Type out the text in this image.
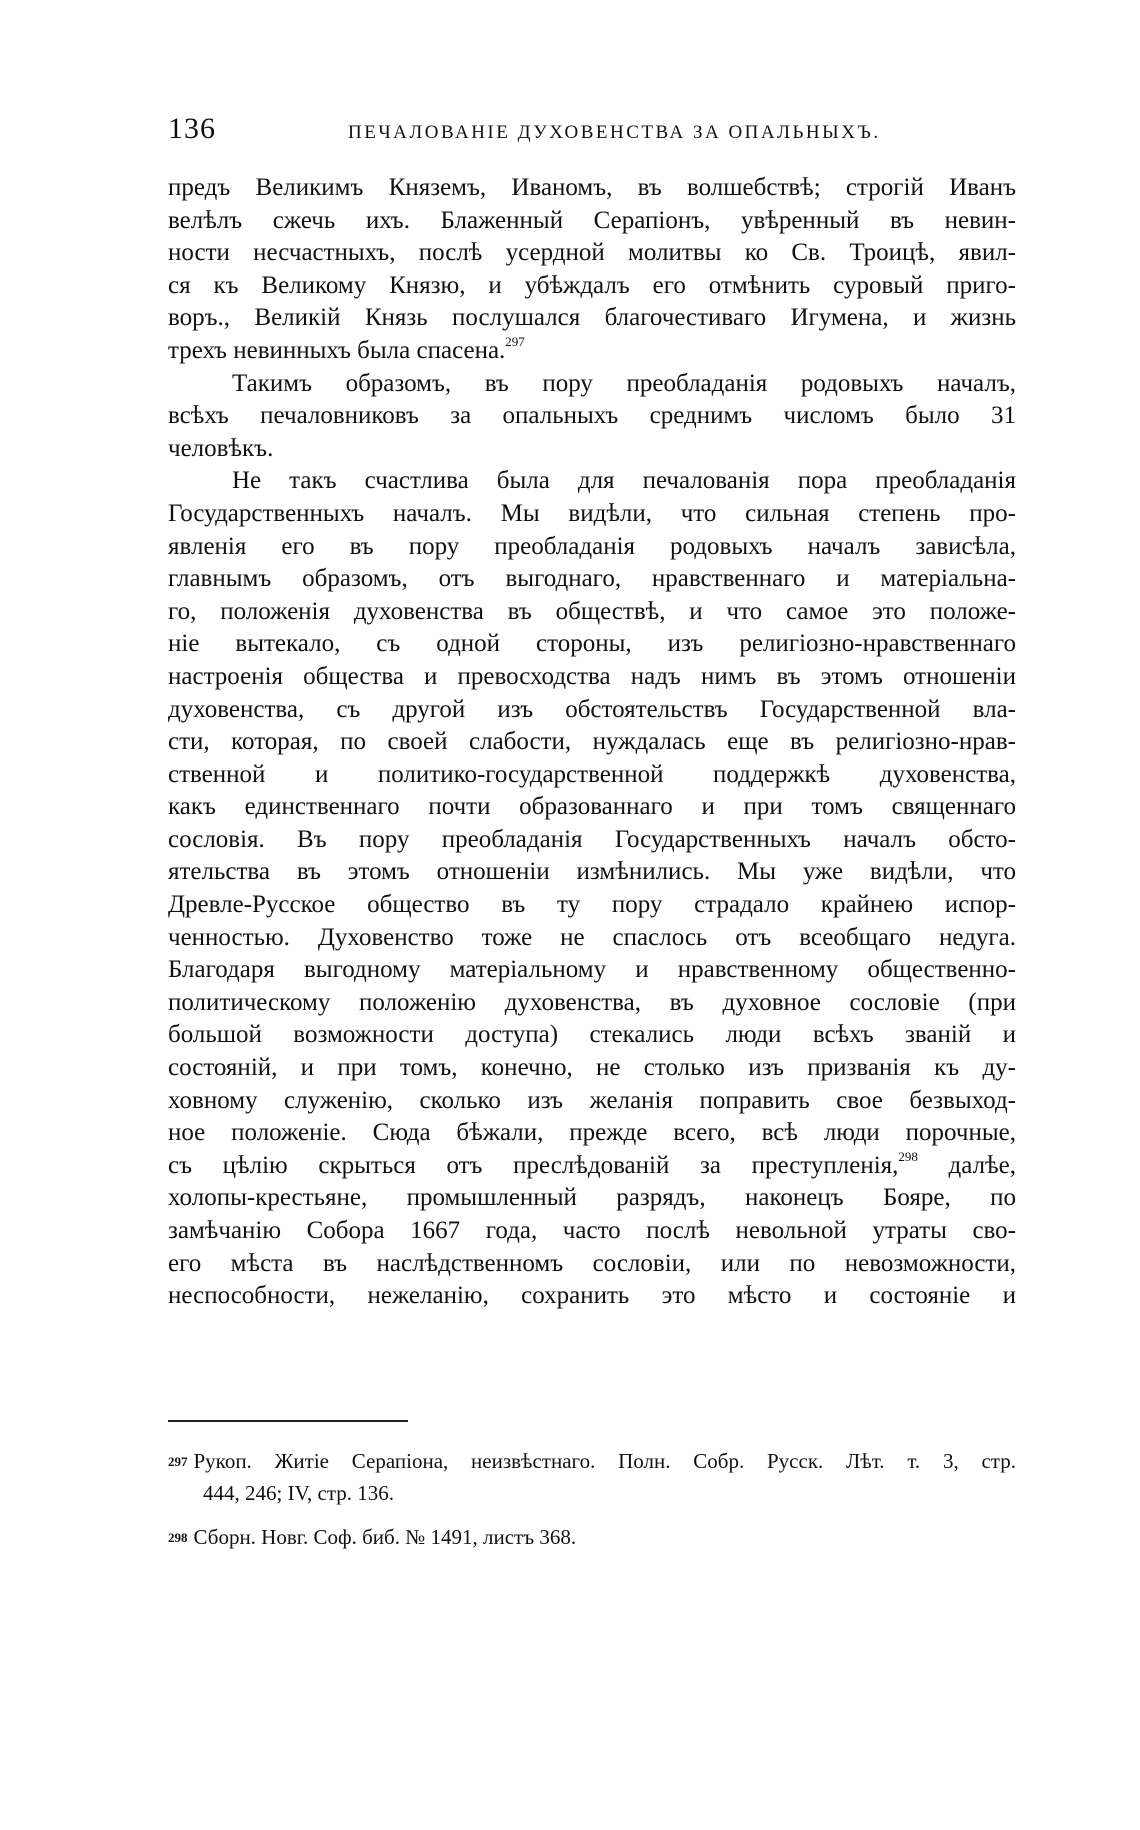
136	ПЕЧАЛОВАНІЕ ДУХОВЕНСТВА ЗА ОПАЛЬНЫХЪ.
предъ Великимъ Княземъ, Иваномъ, въ волшебствѣ; строгій Иванъ
велѣлъ сжечь ихъ. Блаженный Серапіонъ, увѣренный въ невин-
ности несчастныхъ, послѣ усердной молитвы ко Св. Троицѣ, явил-
ся къ Великому Князю, и убѣждалъ его отмѣнить суровый приго-
воръ., Великій Князь послушался благочестиваго Игумена, и жизнь
трехъ невинныхъ была спасена.$^{297}$
Такимъ образомъ, въ пору преобладанія родовыхъ началъ,
всѣхъ печаловниковъ за опальныхъ среднимъ числомъ было 31
человѣкъ.
Не такъ счастлива была для печалованія пора преобладанія
Государственныхъ началъ. Мы видѣли, что сильная степень про-
явленія его въ пору преобладанія родовыхъ началъ зависѣла,
главнымъ образомъ, отъ выгоднаго, нравственнаго и матеріальна-
го, положенія духовенства въ обществѣ, и что самое это положе-
ніе вытекало, съ одной стороны, изъ религіозно-нравственнаго
настроенія общества и превосходства надъ нимъ въ этомъ отношеніи
духовенства, съ другой изъ обстоятельствъ Государственной вла-
сти, которая, по своей слабости, нуждалась еще въ религіозно-нрав-
ственной и политико-государственной поддержкѣ духовенства,
какъ единственнаго почти образованнаго и при томъ священнаго
сословія. Въ пору преобладанія Государственныхъ началъ обсто-
ятельства въ этомъ отношеніи измѣнились. Мы уже видѣли, что
Древле-Русское общество въ ту пору страдало крайнею испор-
ченностью. Духовенство тоже не спаслось отъ всеобщаго недуга.
Благодаря выгодному матеріальному и нравственному общественно-
политическому положенію духовенства, въ духовное сословіе (при
большой возможности доступа) стекались люди всѣхъ званій и
состояній, и при томъ, конечно, не столько изъ призванія къ ду-
ховному служенію, сколько изъ желанія поправить свое безвыход-
ное положеніе. Сюда бѣжали, прежде всего, всѣ люди порочные,
съ цѣлію скрыться отъ преслѣдованій за преступленія,$^{298}$ далѣе,
холопы-крестьяне, промышленный разрядъ, наконецъ Бояре, по
замѣчанію Собора 1667 года, часто послѣ невольной утраты сво-
его мѣста въ наслѣдственномъ сословіи, или по невозможности,
неспособности, нежеланію, сохранить это мѣсто и состояніе и
297 Рукоп. Житіе Серапіона, неизвѣстнаго. Полн. Собр. Русск. Лѣт. т. 3, стр.
444, 246; IV, стр. 136.
298 Сборн. Новг. Соф. биб. № 1491, листъ 368.
